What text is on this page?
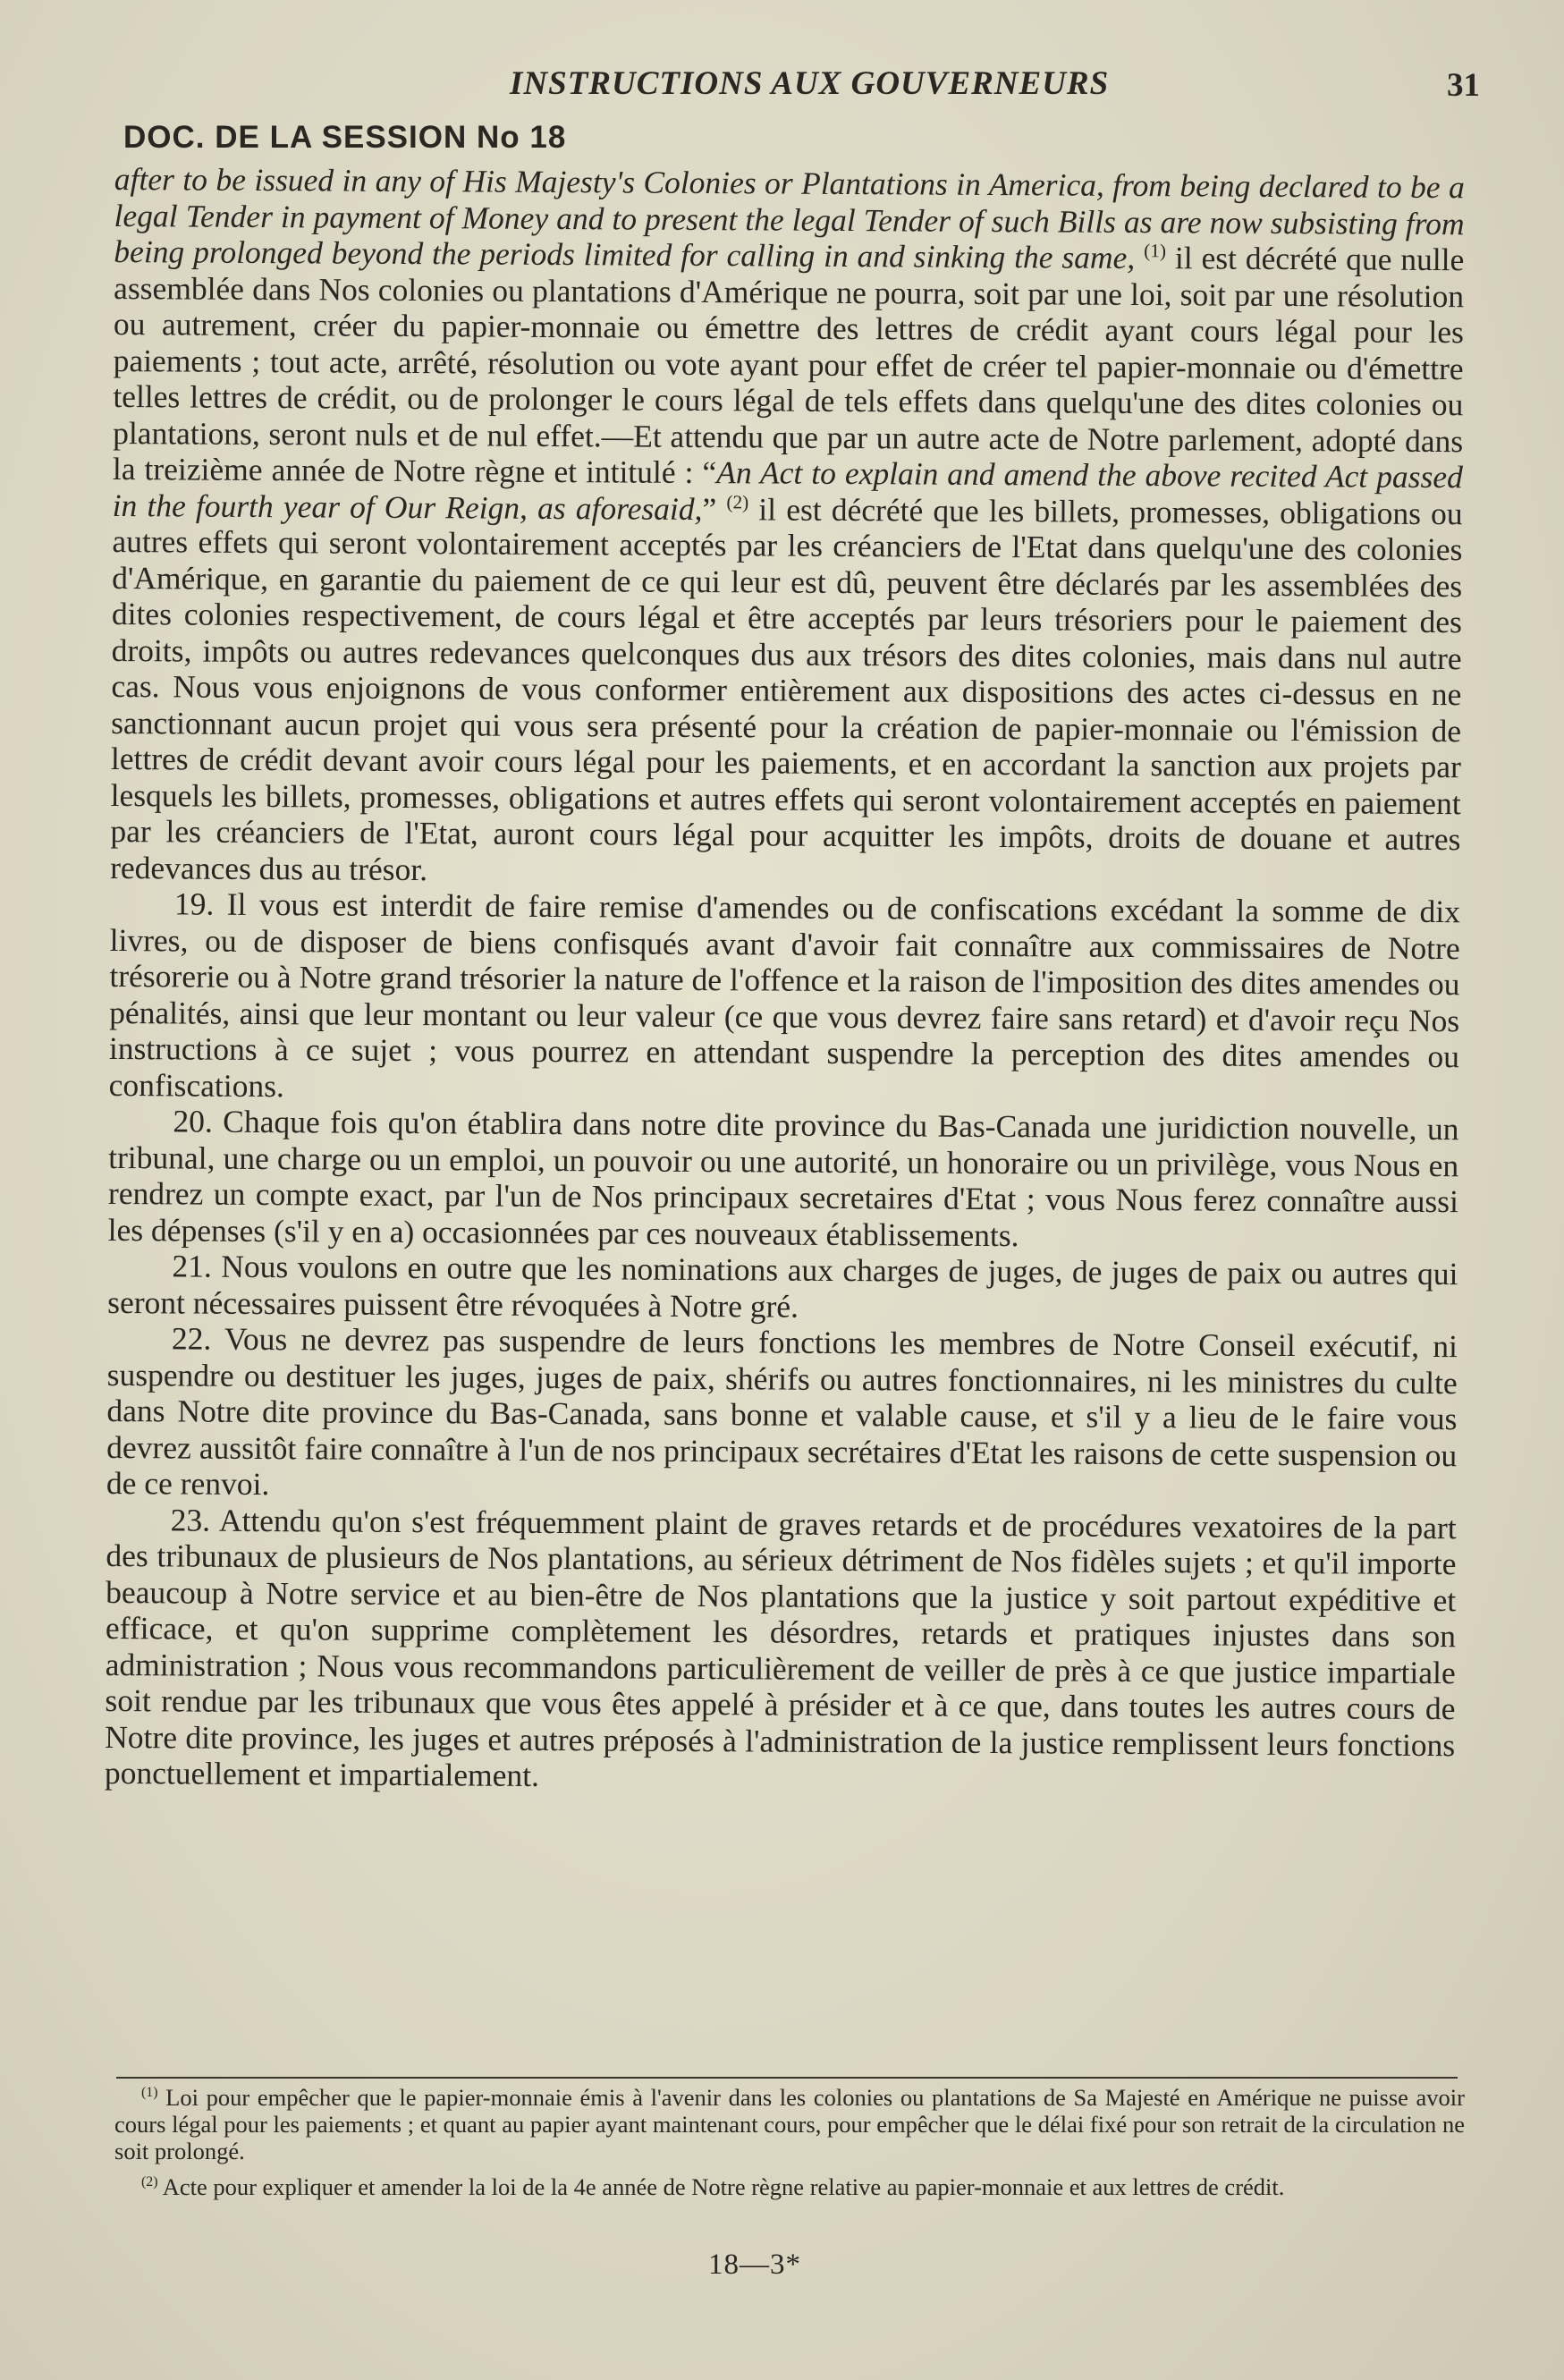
INSTRUCTIONS AUX GOUVERNEURS	31
DOC. DE LA SESSION No 18

after to be issued in any of His Majesty's Colonies or Plantations in America, from being declared to be a legal Tender in payment of Money and to present the legal Tender of such Bills as are now subsisting from being prolonged beyond the periods limited for calling in and sinking the same, $^{(1)}$ il est décrété que nulle assemblée dans Nos colonies ou plantations d'Amérique ne pourra, soit par une loi, soit par une résolution ou autrement, créer du papier-monnaie ou émettre des lettres de crédit ayant cours légal pour les paiements ; tout acte, arrêté, résolution ou vote ayant pour effet de créer tel papier-monnaie ou d'émettre telles lettres de crédit, ou de prolonger le cours légal de tels effets dans quelqu'une des dites colonies ou plantations, seront nuls et de nul effet.—Et attendu que par un autre acte de Notre parlement, adopté dans la treizième année de Notre règne et intitulé : “An Act to explain and amend the above recited Act passed in the fourth year of Our Reign, as aforesaid,” $^{(2)}$ il est décrété que les billets, promesses, obligations ou autres effets qui seront volontairement acceptés par les créanciers de l'Etat dans quelqu'une des colonies d'Amérique, en garantie du paiement de ce qui leur est dû, peuvent être déclarés par les assemblées des dites colonies respectivement, de cours légal et être acceptés par leurs trésoriers pour le paiement des droits, impôts ou autres redevances quelconques dus aux trésors des dites colonies, mais dans nul autre cas. Nous vous enjoignons de vous conformer entièrement aux dispositions des actes ci-dessus en ne sanctionnant aucun projet qui vous sera présenté pour la création de papier-monnaie ou l'émission de lettres de crédit devant avoir cours légal pour les paiements, et en accordant la sanction aux projets par lesquels les billets, promesses, obligations et autres effets qui seront volontairement acceptés en paiement par les créanciers de l'Etat, auront cours légal pour acquitter les impôts, droits de douane et autres redevances dus au trésor.

19. Il vous est interdit de faire remise d'amendes ou de confiscations excédant la somme de dix livres, ou de disposer de biens confisqués avant d'avoir fait connaître aux commissaires de Notre trésorerie ou à Notre grand trésorier la nature de l'offence et la raison de l'imposition des dites amendes ou pénalités, ainsi que leur montant ou leur valeur (ce que vous devrez faire sans retard) et d'avoir reçu Nos instructions à ce sujet ; vous pourrez en attendant suspendre la perception des dites amendes ou confiscations.

20. Chaque fois qu'on établira dans notre dite province du Bas-Canada une juridiction nouvelle, un tribunal, une charge ou un emploi, un pouvoir ou une autorité, un honoraire ou un privilège, vous Nous en rendrez un compte exact, par l'un de Nos principaux secretaires d'Etat ; vous Nous ferez connaître aussi les dépenses (s'il y en a) occasionnées par ces nouveaux établissements.

21. Nous voulons en outre que les nominations aux charges de juges, de juges de paix ou autres qui seront nécessaires puissent être révoquées à Notre gré.

22. Vous ne devrez pas suspendre de leurs fonctions les membres de Notre Conseil exécutif, ni suspendre ou destituer les juges, juges de paix, shérifs ou autres fonctionnaires, ni les ministres du culte dans Notre dite province du Bas-Canada, sans bonne et valable cause, et s'il y a lieu de le faire vous devrez aussitôt faire connaître à l'un de nos principaux secrétaires d'Etat les raisons de cette suspension ou de ce renvoi.

23. Attendu qu'on s'est fréquemment plaint de graves retards et de procédures vexatoires de la part des tribunaux de plusieurs de Nos plantations, au sérieux détriment de Nos fidèles sujets ; et qu'il importe beaucoup à Notre service et au bien-être de Nos plantations que la justice y soit partout expéditive et efficace, et qu'on supprime complètement les désordres, retards et pratiques injustes dans son administration ; Nous vous recommandons particulièrement de veiller de près à ce que justice impartiale soit rendue par les tribunaux que vous êtes appelé à présider et à ce que, dans toutes les autres cours de Notre dite province, les juges et autres préposés à l'administration de la justice remplissent leurs fonctions ponctuellement et impartialement.

$^{(1)}$ Loi pour empêcher que le papier-monnaie émis à l'avenir dans les colonies ou plantations de Sa Majesté en Amérique ne puisse avoir cours légal pour les paiements ; et quant au papier ayant maintenant cours, pour empêcher que le délai fixé pour son retrait de la circulation ne soit prolongé.

$^{(2)}$ Acte pour expliquer et amender la loi de la 4e année de Notre règne relative au papier-monnaie et aux lettres de crédit.

18—3*
